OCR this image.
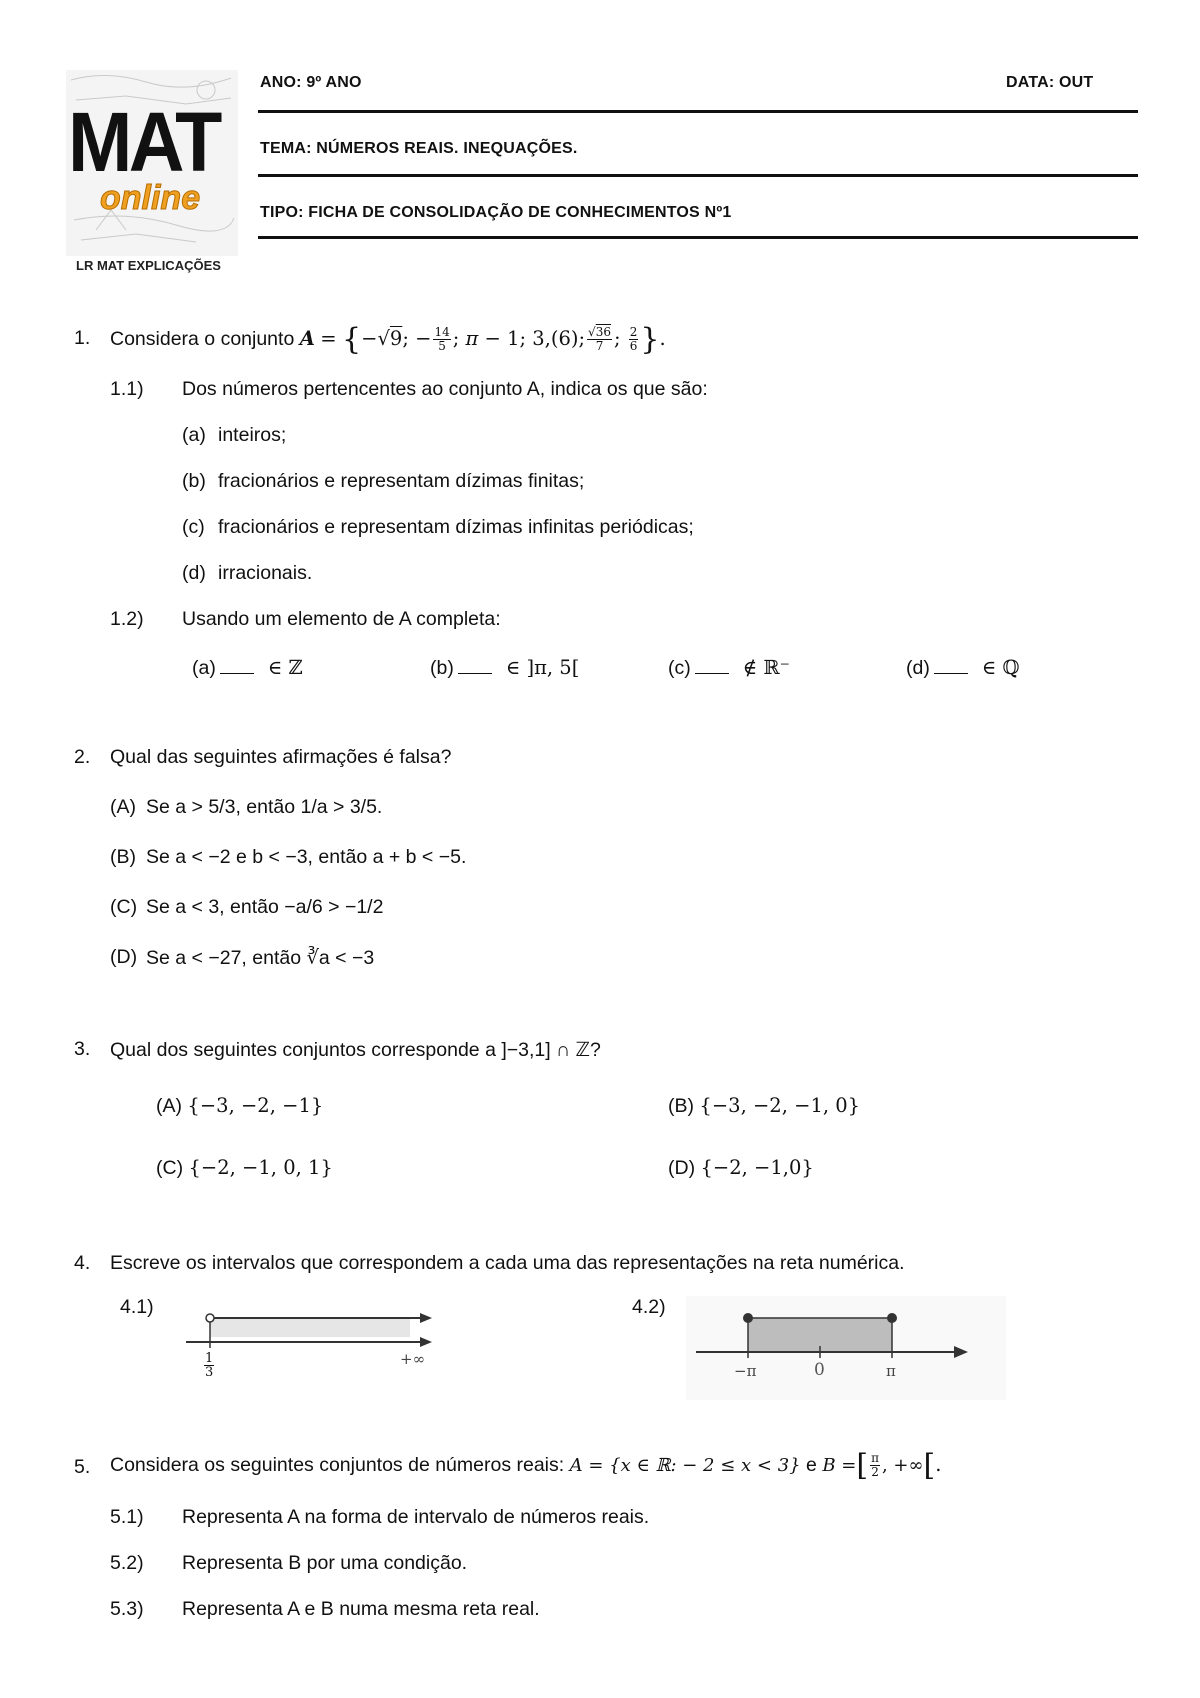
MAT
online
LR MAT EXPLICAÇÕES
ANO: 9º ANO	DATA: OUT
TEMA: NÚMEROS REAIS. INEQUAÇÕES.
TIPO: FICHA DE CONSOLIDAÇÃO DE CONHECIMENTOS Nº1
1. Considera o conjunto A = {−√9; − $\frac{14}{5}$ ; π − 1; 3,(6); $\frac{√36}{7}$ ; $\frac{2}{6}$ }.
1.1) Dos números pertencentes ao conjunto A, indica os que são:
(a) inteiros;
(b) fracionários e representam dízimas finitas;
(c) fracionários e representam dízimas infinitas periódicas;
(d) irracionais.
1.2) Usando um elemento de A completa:
(a)	∈ ℤ	(b)	∈ ]π, 5[	(c)	∉ ℝ⁻	(d)	∈ ℚ
2. Qual das seguintes afirmações é falsa?
(A) Se a > 5/3, então 1/a > 3/5.
(B) Se a < −2 e b < −3, então a + b < −5.
(C) Se a < 3, então −a/6 > −1/2
(D) Se a < −27, então ∛a < −3
3. Qual dos seguintes conjuntos corresponde a ]−3,1] ∩ ℤ?
(A) {−3, −2, −1}	(B) {−3, −2, −1, 0}
(C) {−2, −1, 0, 1}	(D) {−2, −1,0}
4. Escreve os intervalos que correspondem a cada uma das representações na reta numérica.
4.1)
$\frac{1}{3}$	+∞
4.2)
−π	0	π
5. Considera os seguintes conjuntos de números reais: A = {x ∈ ℝ: − 2 ≤ x < 3} e B =[ $\frac{\pi}{2}$ , +∞[.
5.1) Representa A na forma de intervalo de números reais.
5.2) Representa B por uma condição.
5.3) Representa A e B numa mesma reta real.
